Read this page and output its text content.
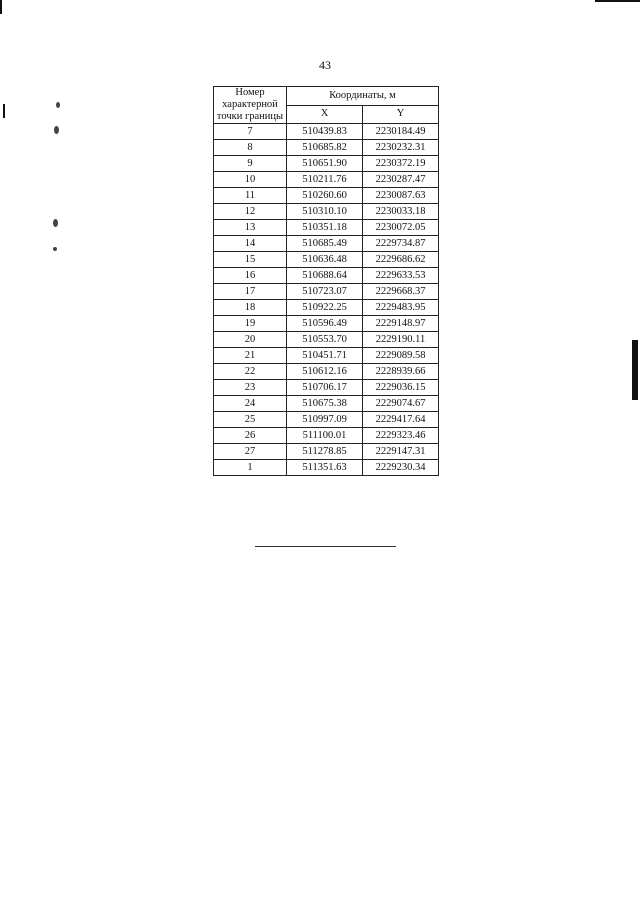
43
Номер характерной точки границы	Координаты, м	
	X	Y
7	510439.83	2230184.49
8	510685.82	2230232.31
9	510651.90	2230372.19
10	510211.76	2230287.47
11	510260.60	2230087.63
12	510310.10	2230033.18
13	510351.18	2230072.05
14	510685.49	2229734.87
15	510636.48	2229686.62
16	510688.64	2229633.53
17	510723.07	2229668.37
18	510922.25	2229483.95
19	510596.49	2229148.97
20	510553.70	2229190.11
21	510451.71	2229089.58
22	510612.16	2228939.66
23	510706.17	2229036.15
24	510675.38	2229074.67
25	510997.09	2229417.64
26	511100.01	2229323.46
27	511278.85	2229147.31
1	511351.63	2229230.34
